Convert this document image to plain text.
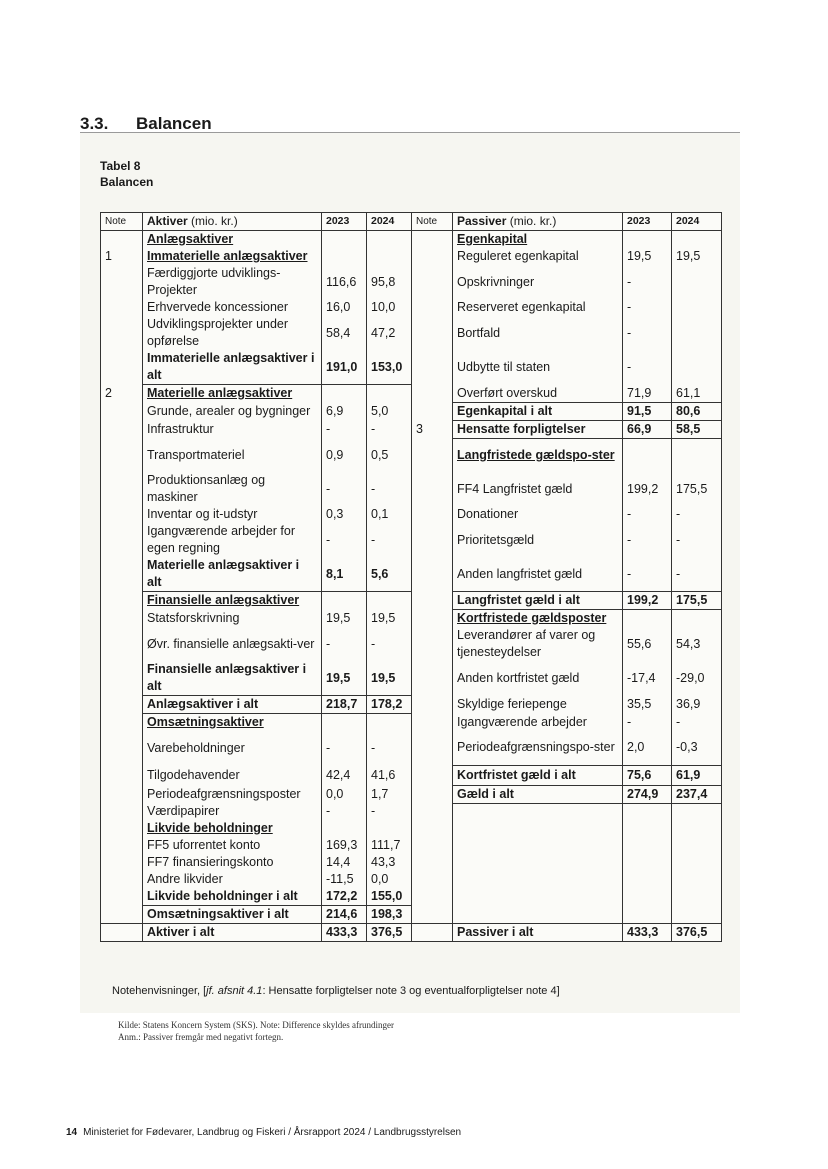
3.3. Balancen
Tabel 8
Balancen
Note	Aktiver (mio. kr.)	2023	2024	Note	Passiver (mio. kr.)	2023	2024
	Anlægsaktiver				Egenkapital		
1	Immaterielle anlægsaktiver				Reguleret egenkapital	19,5	19,5
	Færdiggjorte udviklings-Projekter	116,6	95,8		Opskrivninger	-	
	Erhvervede koncessioner	16,0	10,0		Reserveret egenkapital	-	
	Udviklingsprojekter under opførelse	58,4	47,2		Bortfald	-	
	Immaterielle anlægsaktiver i alt	191,0	153,0		Udbytte til staten	-	
2	Materielle anlægsaktiver				Overført overskud	71,9	61,1
	Grunde, arealer og bygninger	6,9	5,0		Egenkapital i alt	91,5	80,6
	Infrastruktur	-	-	3	Hensatte forpligtelser	66,9	58,5
	Transportmateriel	0,9	0,5		Langfristede gældspo-ster		
	Produktionsanlæg og maskiner	-	-		FF4 Langfristet gæld	199,2	175,5
	Inventar og it-udstyr	0,3	0,1		Donationer	-	-
	Igangværende arbejder for egen regning	-	-		Prioritetsgæld	-	-
	Materielle anlægsaktiver i alt	8,1	5,6		Anden langfristet gæld	-	-
	Finansielle anlægsaktiver				Langfristet gæld i alt	199,2	175,5
	Statsforskrivning	19,5	19,5		Kortfristede gældsposter		
	Øvr. finansielle anlægsakti-ver	-	-		Leverandører af varer og tjenesteydelser	55,6	54,3
	Finansielle anlægsaktiver i alt	19,5	19,5		Anden kortfristet gæld	-17,4	-29,0
	Anlægsaktiver i alt	218,7	178,2		Skyldige feriepenge	35,5	36,9
	Omsætningsaktiver				Igangværende arbejder	-	-
	Varebeholdninger	-	-		Periodeafgrænsningspo-ster	2,0	-0,3
	Tilgodehavender	42,4	41,6		Kortfristet gæld i alt	75,6	61,9
	Periodeafgrænsningsposter	0,0	1,7		Gæld i alt	274,9	237,4
	Værdipapirer	-	-				
	Likvide beholdninger						
	FF5 uforrentet konto	169,3	111,7				
	FF7 finansieringskonto	14,4	43,3				
	Andre likvider	-11,5	0,0				
	Likvide beholdninger i alt	172,2	155,0				
	Omsætningsaktiver i alt	214,6	198,3				
	Aktiver i alt	433,3	376,5		Passiver i alt	433,3	376,5
Notehenvisninger, [jf. afsnit 4.1: Hensatte forpligtelser note 3 og eventualforpligtelser note 4]
Kilde: Statens Koncern System (SKS). Note: Difference skyldes afrundinger
Anm.: Passiver fremgår med negativt fortegn.
14 Ministeriet for Fødevarer, Landbrug og Fiskeri / Årsrapport 2024 / Landbrugsstyrelsen
